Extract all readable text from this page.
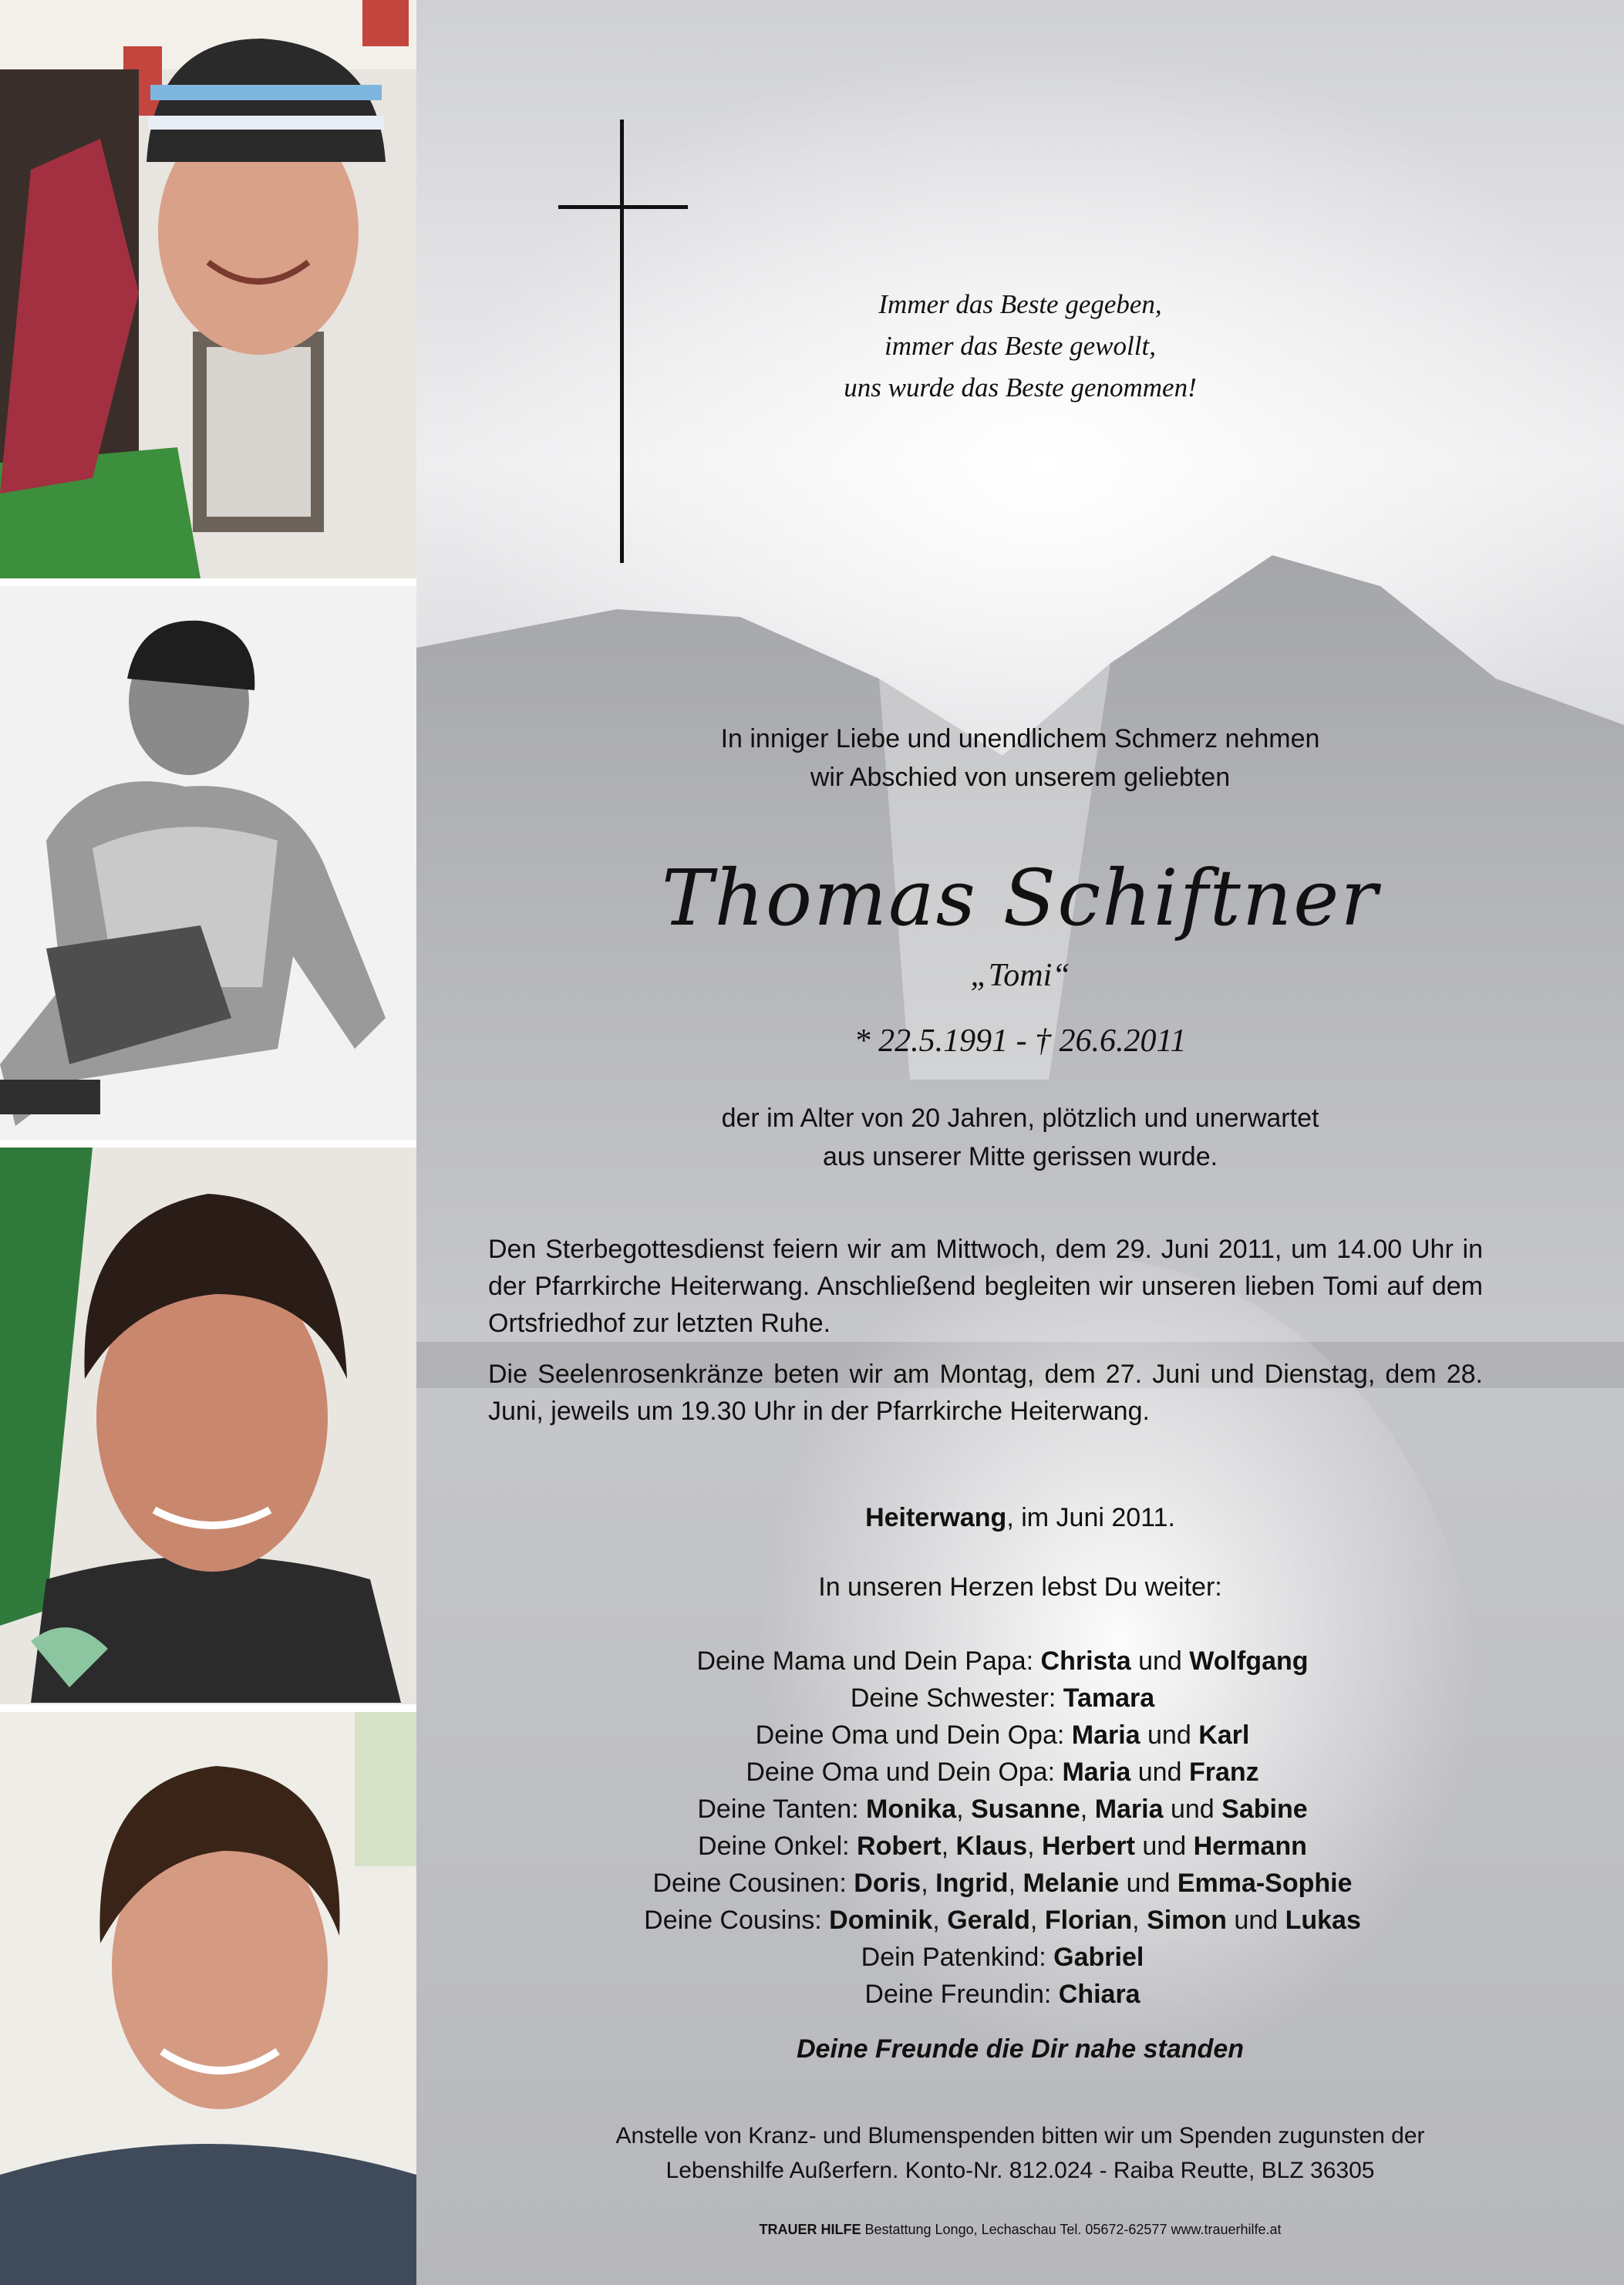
Immer das Beste gegeben,
immer das Beste gewollt,
uns wurde das Beste genommen!
In inniger Liebe und unendlichem Schmerz nehmen
wir Abschied von unserem geliebten
Thomas Schiftner
„Tomi“
* 22.5.1991 - † 26.6.2011
der im Alter von 20 Jahren, plötzlich und unerwartet
aus unserer Mitte gerissen wurde.
Den Sterbegottesdienst feiern wir am Mittwoch, dem 29. Juni 2011, um 14.00 Uhr in der Pfarrkirche Heiterwang. Anschließend begleiten wir unseren lieben Tomi auf dem Ortsfriedhof zur letzten Ruhe.
Die Seelenrosenkränze beten wir am Montag, dem 27. Juni und Dienstag, dem 28. Juni, jeweils um 19.30 Uhr in der Pfarrkirche Heiterwang.
Heiterwang, im Juni 2011.
In unseren Herzen lebst Du weiter:
Deine Mama und Dein Papa: Christa und Wolfgang
Deine Schwester: Tamara
Deine Oma und Dein Opa: Maria und Karl
Deine Oma und Dein Opa: Maria und Franz
Deine Tanten: Monika, Susanne, Maria und Sabine
Deine Onkel: Robert, Klaus, Herbert und Hermann
Deine Cousinen: Doris, Ingrid, Melanie und Emma-Sophie
Deine Cousins: Dominik, Gerald, Florian, Simon und Lukas
Dein Patenkind: Gabriel
Deine Freundin: Chiara
Deine Freunde die Dir nahe standen
Anstelle von Kranz- und Blumenspenden bitten wir um Spenden zugunsten der
Lebenshilfe Außerfern. Konto-Nr. 812.024 - Raiba Reutte, BLZ 36305
TRAUER HILFE Bestattung Longo, Lechaschau Tel. 05672-62577 www.trauerhilfe.at
